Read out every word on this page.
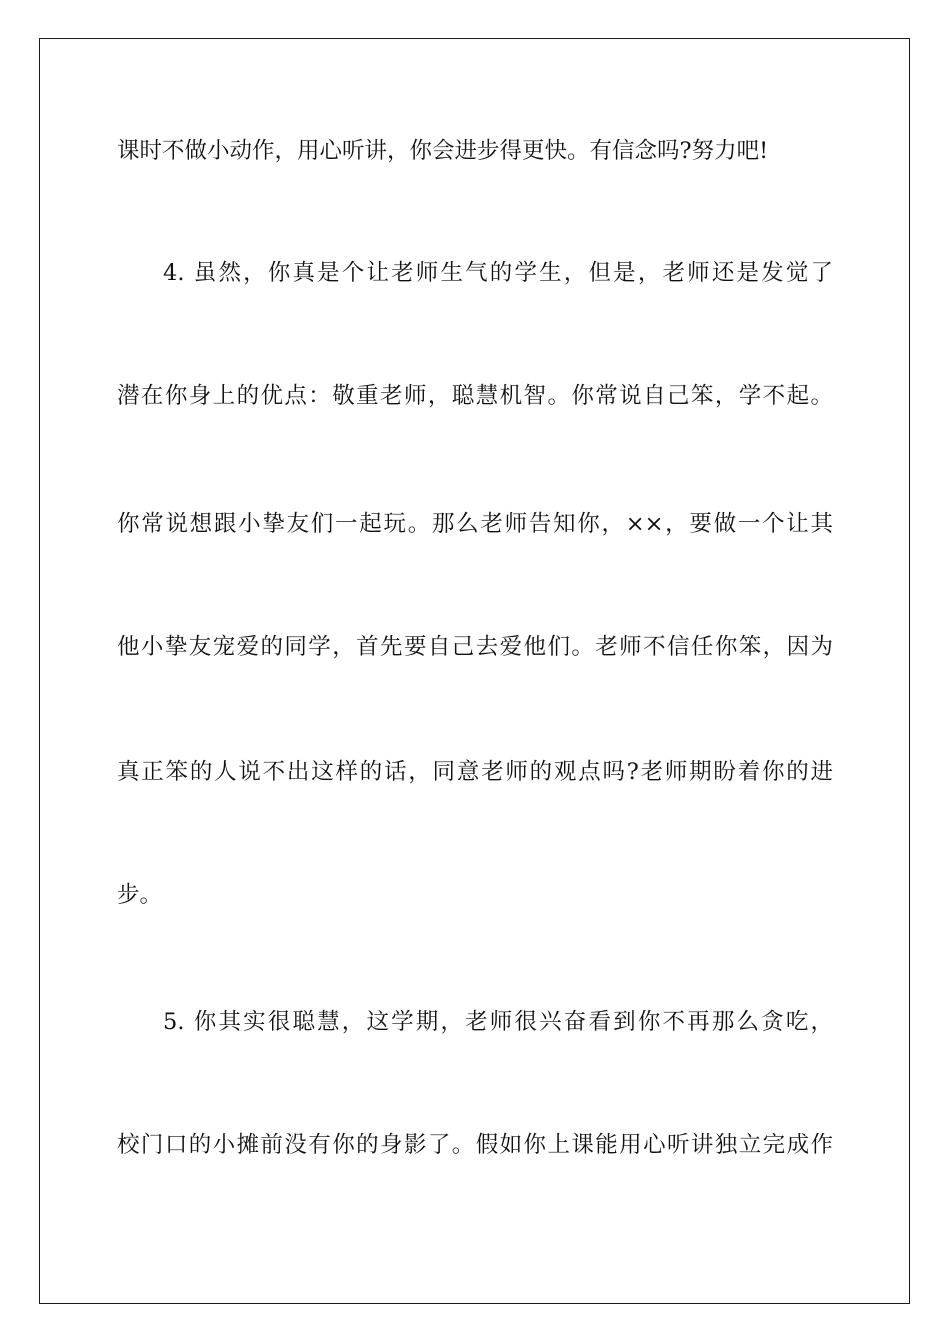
课时不做小动作，用心听讲，你会进步得更快。有信念吗?努力吧!
4. 虽然，你真是个让老师生气的学生，但是，老师还是发觉了
潜在你身上的优点：敬重老师，聪慧机智。你常说自己笨，学不起。
你常说想跟小挚友们一起玩。那么老师告知你，××，要做一个让其
他小挚友宠爱的同学，首先要自己去爱他们。老师不信任你笨，因为
真正笨的人说不出这样的话，同意老师的观点吗?老师期盼着你的进
步。
5. 你其实很聪慧，这学期，老师很兴奋看到你不再那么贪吃，
校门口的小摊前没有你的身影了。假如你上课能用心听讲独立完成作
